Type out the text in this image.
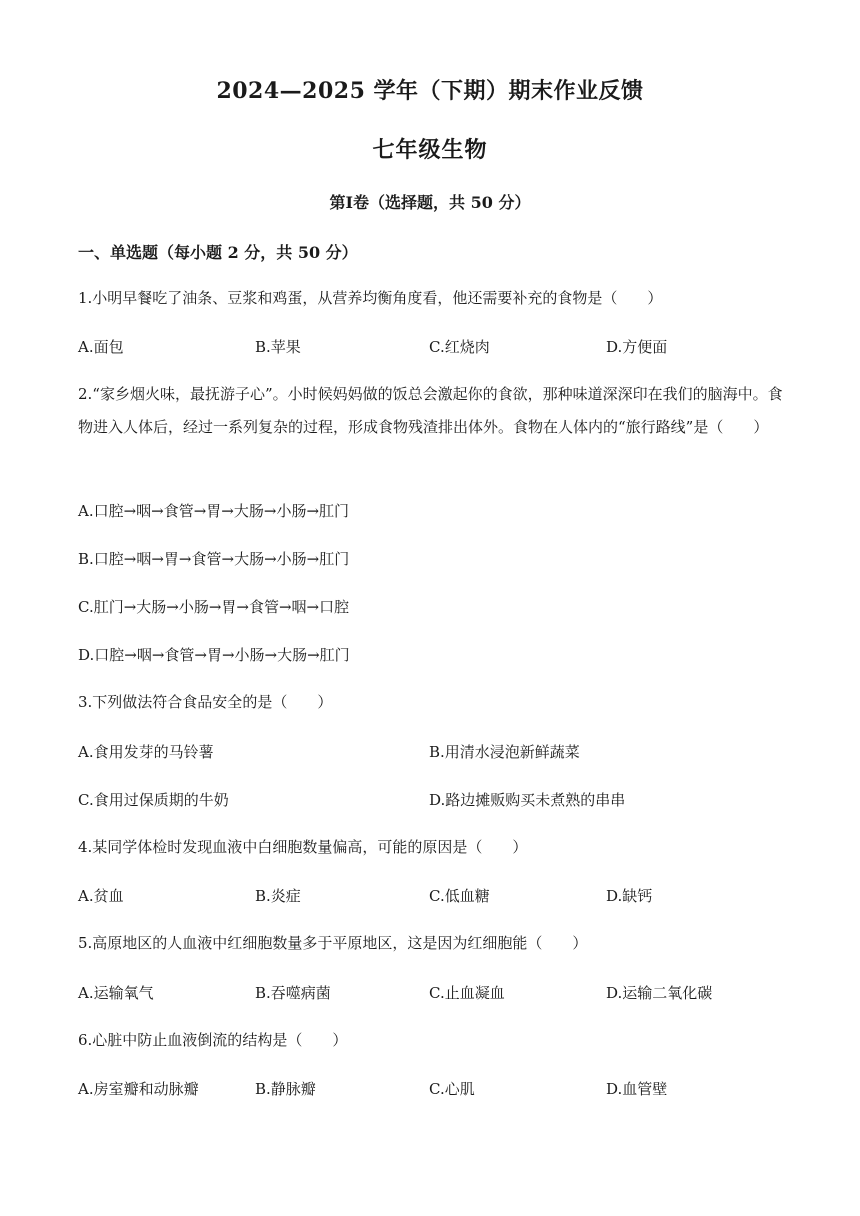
2024—2025 学年（下期）期末作业反馈
七年级生物
第Ⅰ卷（选择题，共 50 分）
一、单选题（每小题 2 分，共 50 分）
1.小明早餐吃了油条、豆浆和鸡蛋，从营养均衡角度看，他还需要补充的食物是（　　）
A.面包	B.苹果	C.红烧肉	D.方便面
2.“家乡烟火味，最抚游子心”。小时候妈妈做的饭总会激起你的食欲，那种味道深深印在我们的脑海中。食物进入人体后，经过一系列复杂的过程，形成食物残渣排出体外。食物在人体内的“旅行路线”是（　　）
A.口腔→咽→食管→胃→大肠→小肠→肛门
B.口腔→咽→胃→食管→大肠→小肠→肛门
C.肛门→大肠→小肠→胃→食管→咽→口腔
D.口腔→咽→食管→胃→小肠→大肠→肛门
3.下列做法符合食品安全的是（　　）
A.食用发芽的马铃薯	B.用清水浸泡新鲜蔬菜
C.食用过保质期的牛奶	D.路边摊贩购买未煮熟的串串
4.某同学体检时发现血液中白细胞数量偏高，可能的原因是（　　）
A.贫血	B.炎症	C.低血糖	D.缺钙
5.高原地区的人血液中红细胞数量多于平原地区，这是因为红细胞能（　　）
A.运输氧气	B.吞噬病菌	C.止血凝血	D.运输二氧化碳
6.心脏中防止血液倒流的结构是（　　）
A.房室瓣和动脉瓣	B.静脉瓣	C.心肌	D.血管壁
